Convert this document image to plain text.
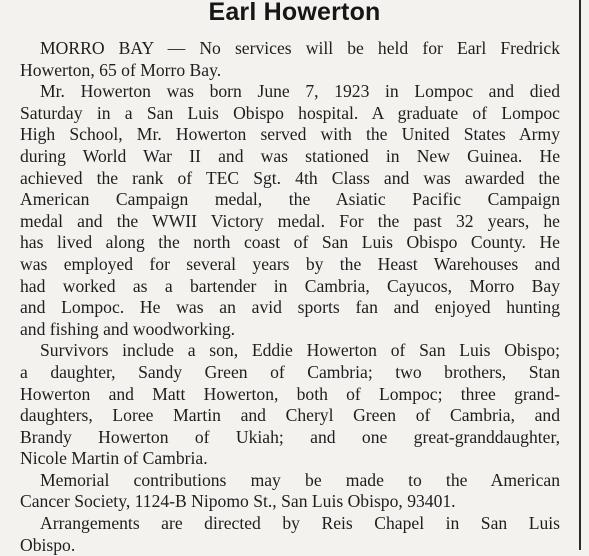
Earl Howerton
MORRO BAY — No services will be held for Earl Fredrick
Howerton, 65 of Morro Bay.
Mr. Howerton was born June 7, 1923 in Lompoc and died
Saturday in a San Luis Obispo hospital. A graduate of Lompoc
High School, Mr. Howerton served with the United States Army
during World War II and was stationed in New Guinea. He
achieved the rank of TEC Sgt. 4th Class and was awarded the
American Campaign medal, the Asiatic Pacific Campaign
medal and the WWII Victory medal. For the past 32 years, he
has lived along the north coast of San Luis Obispo County. He
was employed for several years by the Heast Warehouses and
had worked as a bartender in Cambria, Cayucos, Morro Bay
and Lompoc. He was an avid sports fan and enjoyed hunting
and fishing and woodworking.
Survivors include a son, Eddie Howerton of San Luis Obispo;
a daughter, Sandy Green of Cambria; two brothers, Stan
Howerton and Matt Howerton, both of Lompoc; three grand-
daughters, Loree Martin and Cheryl Green of Cambria, and
Brandy Howerton of Ukiah; and one great-granddaughter,
Nicole Martin of Cambria.
Memorial contributions may be made to the American
Cancer Society, 1124-B Nipomo St., San Luis Obispo, 93401.
Arrangements are directed by Reis Chapel in San Luis
Obispo.
